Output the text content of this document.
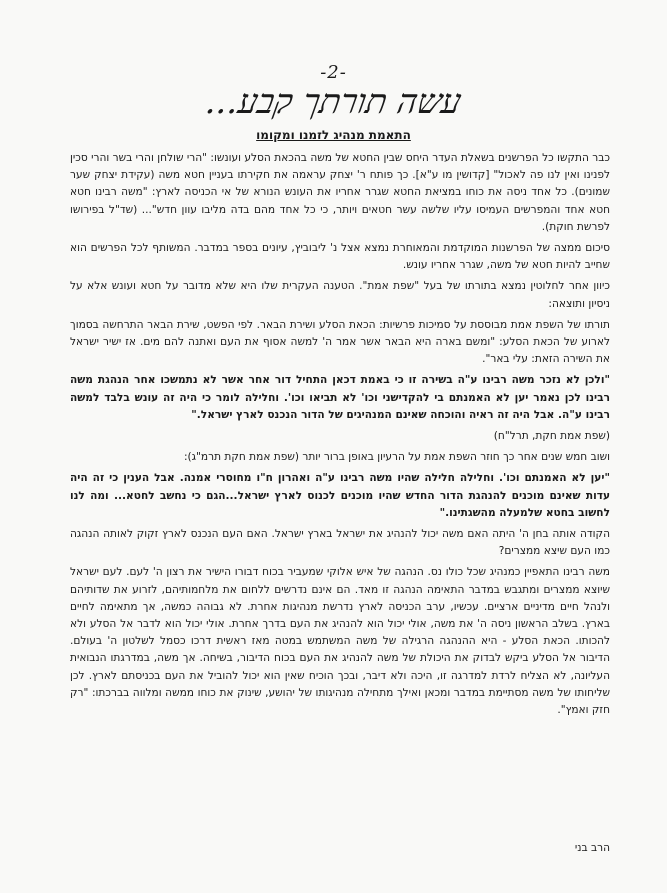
-2-
עשה תורתך קבע...
התאמת מנהיג לזמנו ומקומו

כבר התקשו כל הפרשנים בשאלת העדר היחס שבין החטא של משה בהכאת הסלע ועונשו: "הרי שולחן והרי בשר והרי סכין לפנינו ואין לנו פה לאכול" [קדושין מו ע"א]. כך פותח ר' יצחק עראמה את חקירתו בעניין חטא משה (עקידת יצחק שער שמונים). כל אחד ניסה את כוחו במציאת החטא שגרר אחריו את העונש הנורא של אי הכניסה לארץ: "משה רבינו חטא חטא אחד והמפרשים העמיסו עליו שלשה עשר חטאים ויותר, כי כל אחד מהם בדה מליבו עוון חדש"... (שד"ל בפירושו לפרשת חוקת).

סיכום ממצה של הפרשנות המוקדמת והמאוחרת נמצא אצל נ' ליבוביץ, עיונים בספר במדבר. המשותף לכל הפרשים הוא שחייב להיות חטא של משה, שגרר אחריו עונש.

כיוון אחר לחלוטין נמצא בתורתו של בעל "שפת אמת". הטענה העקרית שלו היא שלא מדובר על חטא ועונש אלא על ניסיון ותוצאה:

תורתו של השפת אמת מבוססת על סמיכות פרשיות: הכאת הסלע ושירת הבאר. לפי הפשט, שירת הבאר התרחשה בסמוך לארוע של הכאת הסלע: "ומשם בארה היא הבאר אשר אמר ה' למשה אסוף את העם ואתנה להם מים. אז ישיר ישראל את השירה הזאת: עלי באר".

"ולכן לא נזכר משה רבינו ע"ה בשירה זו כי באמת דכאן התחיל דור אחר אשר לא נתמשכו אחר הנהגת משה רבינו לכן נאמר יען לא האמנתם בי להקדישני וכו' לא תביאו וכו'. וחלילה לומר כי היה זה עונש בלבד למשה רבינו ע"ה. אבל היה זה ראיה והוכחה שאינם המנהיגים של הדור הנכנס לארץ ישראל."

(שפת אמת חקת, תרל"ח)

ושוב חמש שנים אחר כך חוזר השפת אמת על הרעיון באופן ברור יותר (שפת אמת חקת תרמ"ג):

"יען לא האמנתם וכו'. וחלילה חלילה שהיו משה רבינו ע"ה ואהרון ח"ו מחוסרי אמנה. אבל הענין כי זה היה עדות שאינם מוכנים להנהגת הדור החדש שהיו מוכנים לכנוס לארץ ישראל...הגם כי נחשב לחטא... ומה לנו לחשוב בחטא שלמעלה מהשגתינו."

הקודה אותה בחן ה' היתה האם משה יכול להנהיג את ישראל בארץ ישראל. האם העם הנכנס לארץ זקוק לאותה הנהגה כמו העם שיצא ממצרים?

משה רבינו התאפיין כמנהיג שכל כולו נס. הנהגה של איש אלוקי שמעביר בכוח דבורו הישיר את רצון ה' לעם. לעם ישראל שיוצא ממצרים ומתגבש במדבר התאימה הנהגה זו מאד. הם אינם נדרשים ללחום את מלחמותיהם, לזרוע את שדותיהם ולנהל חיים מדיניים ארציים. עכשיו, ערב הכניסה לארץ נדרשת מנהיגות אחרת. לא גבוהה כמשה, אך מתאימה לחיים בארץ. בשלב הראשון ניסה ה' את משה, אולי יכול הוא להנהיג את העם בדרך אחרת. אולי יכול הוא לדבר אל הסלע ולא להכותו. הכאת הסלע - היא ההנהגה הרגילה של משה המשתמש במטה מאז ראשית דרכו כסמל לשלטון ה' בעולם. הדיבור אל הסלע ביקש לבדוק את היכולת של משה להנהיג את העם בכוח הדיבור, בשיחה. אך משה, במדרגתו הנבואית העליונה, לא הצליח לרדת למדרגה זו, היכה ולא דיבר, ובכך הוכיח שאין הוא יכול להוביל את העם בכניסתם לארץ. לכן שליחותו של משה מסתיימת במדבר ומכאן ואילך מתחילה מנהיגותו של יהושע, שינוק את כוחו ממשה ומלווה בברכתו: "רק חזק ואמץ".

הרב בני
